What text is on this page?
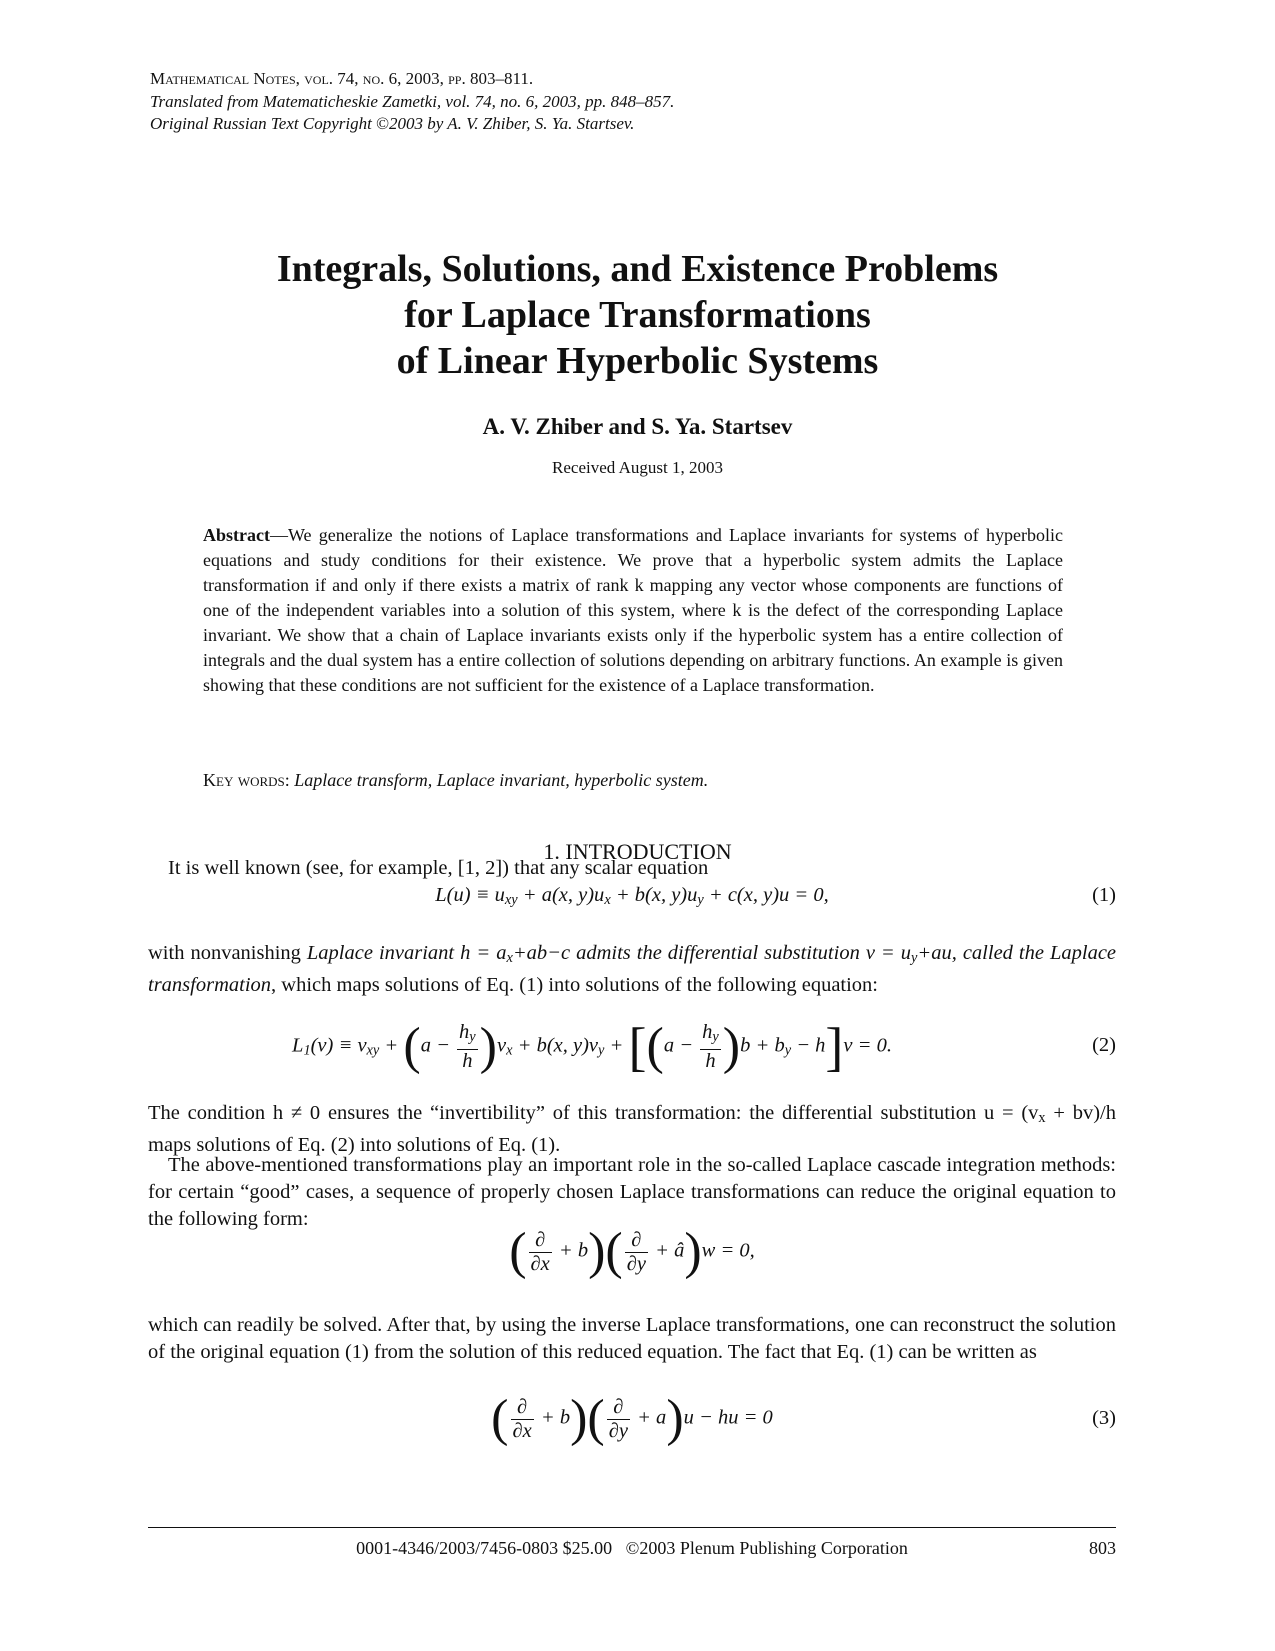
Mathematical Notes, vol. 74, no. 6, 2003, pp. 803–811.
Translated from Matematicheskie Zametki, vol. 74, no. 6, 2003, pp. 848–857.
Original Russian Text Copyright ©2003 by A. V. Zhiber, S. Ya. Startsev.
Integrals, Solutions, and Existence Problems
for Laplace Transformations
of Linear Hyperbolic Systems
A. V. Zhiber and S. Ya. Startsev
Received August 1, 2003
Abstract—We generalize the notions of Laplace transformations and Laplace invariants for systems of hyperbolic equations and study conditions for their existence. We prove that a hyperbolic system admits the Laplace transformation if and only if there exists a matrix of rank k mapping any vector whose components are functions of one of the independent variables into a solution of this system, where k is the defect of the corresponding Laplace invariant. We show that a chain of Laplace invariants exists only if the hyperbolic system has a entire collection of integrals and the dual system has a entire collection of solutions depending on arbitrary functions. An example is given showing that these conditions are not sufficient for the existence of a Laplace transformation.
Key words: Laplace transform, Laplace invariant, hyperbolic system.
1. INTRODUCTION
It is well known (see, for example, [1, 2]) that any scalar equation
$L(u) \equiv u_{xy} + a(x$, $y)u_x + b(x$, $y)u_y + c(x$, y)u = 0,	(1)
with nonvanishing Laplace invariant $h = a_x+ab-c$ admits the differential substitution $v = u_y+au$, called the Laplace transformation, which maps solutions of Eq. (1) into solutions of the following equation:
$L_1(v) \equiv v_{xy} + (a - \frac{h_y}{h} )v_x + b(x$, $y)v_y + [(a - \frac{h_y}{h} )b + b_y - h]v = 0$.	(2)
The condition h ≠ 0 ensures the “invertibility” of this transformation: the differential substitution $u = (v_x + bv)/h$ maps solutions of Eq. (2) into solutions of Eq. (1).
The above-mentioned transformations play an important role in the so-called Laplace cascade integration methods: for certain “good” cases, a sequence of properly chosen Laplace transformations can reduce the original equation to the following form:
( $\frac{\partial}{\partial x} + b)( \frac{\partial}{\partial y}$ + â)w = 0,
which can readily be solved. After that, by using the inverse Laplace transformations, one can reconstruct the solution of the original equation (1) from the solution of this reduced equation. The fact that Eq. (1) can be written as
( $\frac{\partial}{\partial x} + b)( \frac{\partial}{\partial y} + a)u$ − hu = 0	(3)
0001-4346/2003/7456-0803 $25.00 ©2003 Plenum Publishing Corporation	803
